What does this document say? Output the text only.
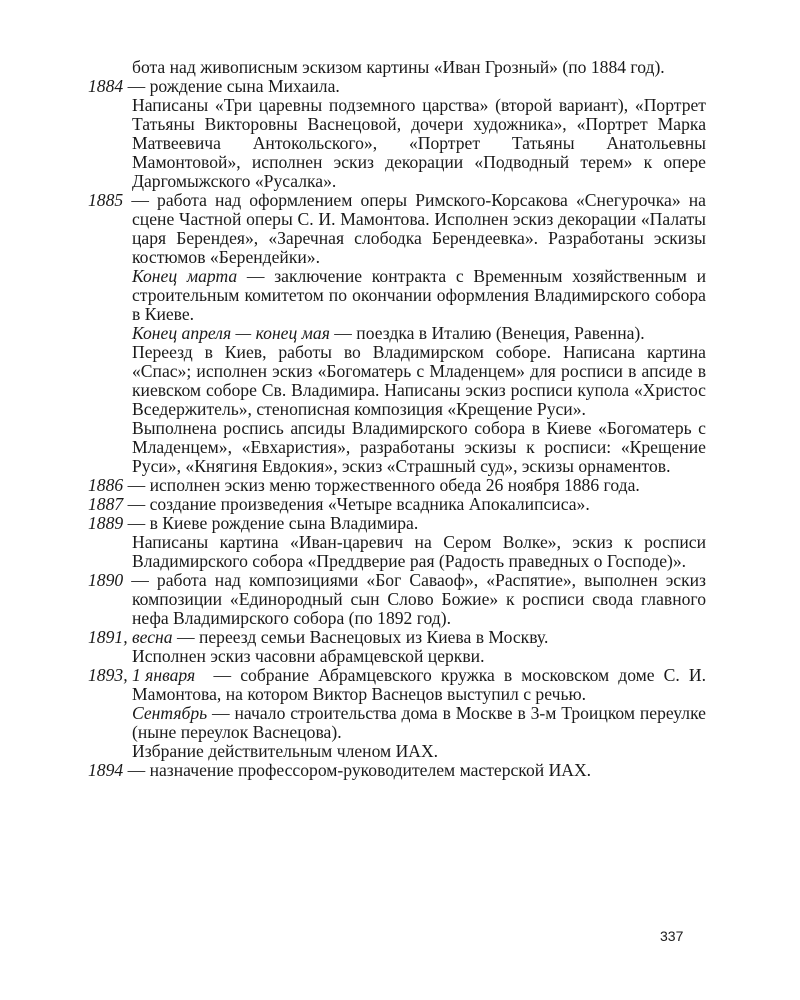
бота над живописным эскизом картины «Иван Грозный» (по 1884 год).
1884 — рождение сына Михаила.
Написаны «Три царевны подземного царства» (второй вариант), «Портрет Татьяны Викторовны Васнецовой, дочери художника», «Портрет Марка Матвеевича Антокольского», «Портрет Татьяны Анатольевны Мамонтовой», исполнен эскиз декорации «Подводный терем» к опере Даргомыжского «Русалка».
1885 — работа над оформлением оперы Римского-Корсакова «Снегурочка» на сцене Частной оперы С. И. Мамонтова. Исполнен эскиз декорации «Палаты царя Берендея», «Заречная слободка Берендеевка». Разработаны эскизы костюмов «Берендейки».
Конец марта — заключение контракта с Временным хозяйственным и строительным комитетом по окончании оформления Владимирского собора в Киеве.
Конец апреля — конец мая — поездка в Италию (Венеция, Равенна).
Переезд в Киев, работы во Владимирском соборе. Написана картина «Спас»; исполнен эскиз «Богоматерь с Младенцем» для росписи в апсиде в киевском соборе Св. Владимира. Написаны эскиз росписи купола «Христос Вседержитель», стенописная композиция «Крещение Руси».
Выполнена роспись апсиды Владимирского собора в Киеве «Богоматерь с Младенцем», «Евхаристия», разработаны эскизы к росписи: «Крещение Руси», «Княгиня Евдокия», эскиз «Страшный суд», эскизы орнаментов.
1886 — исполнен эскиз меню торжественного обеда 26 ноября 1886 года.
1887 — создание произведения «Четыре всадника Апокалипсиса».
1889 — в Киеве рождение сына Владимира.
Написаны картина «Иван-царевич на Сером Волке», эскиз к росписи Владимирского собора «Преддверие рая (Радость праведных о Господе)».
1890 — работа над композициями «Бог Саваоф», «Распятие», выполнен эскиз композиции «Единородный сын Слово Божие» к росписи свода главного нефа Владимирского собора (по 1892 год).
1891, весна — переезд семьи Васнецовых из Киева в Москву.
Исполнен эскиз часовни абрамцевской церкви.
1893, 1 января — собрание Абрамцевского кружка в московском доме С. И. Мамонтова, на котором Виктор Васнецов выступил с речью.
Сентябрь — начало строительства дома в Москве в 3-м Троицком переулке (ныне переулок Васнецова).
Избрание действительным членом ИАХ.
1894 — назначение профессором-руководителем мастерской ИАХ.
337
